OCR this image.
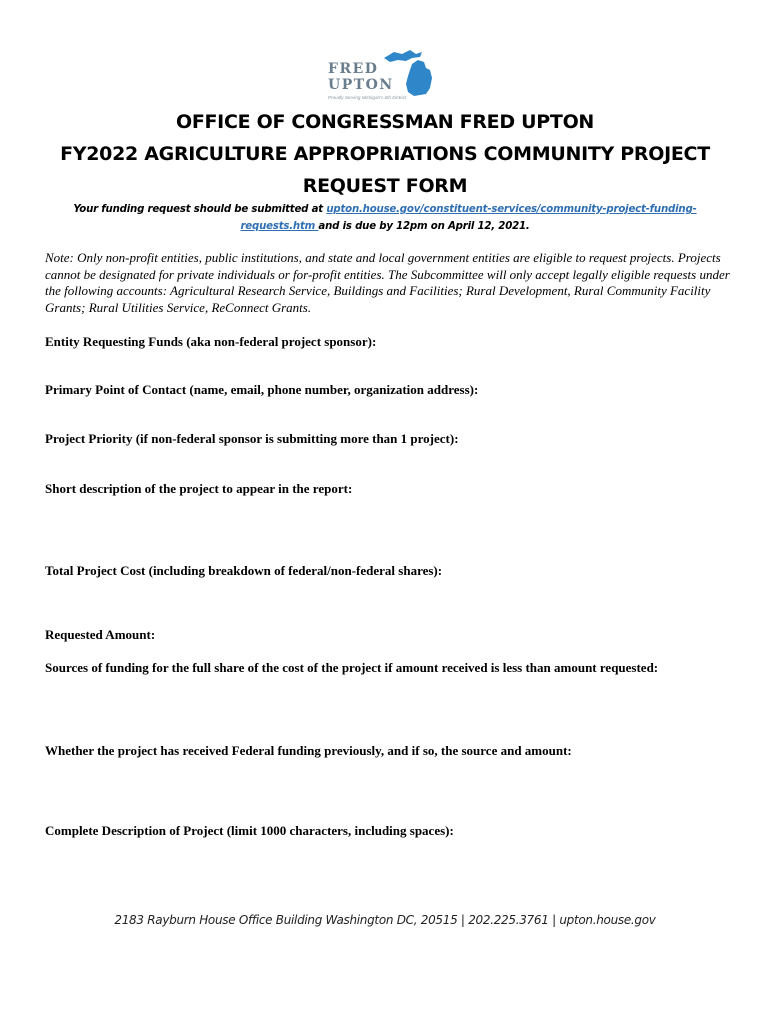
FRED
UPTON
Proudly Serving Michigan's 6th District
OFFICE OF CONGRESSMAN FRED UPTON
FY2022 AGRICULTURE APPROPRIATIONS COMMUNITY PROJECT
REQUEST FORM
Your funding request should be submitted at upton.house.gov/constituent-services/community-project-funding-
requests.htm and is due by 12pm on April 12, 2021.
Note: Only non-profit entities, public institutions, and state and local government entities are eligible to request projects. Projects cannot be designated for private individuals or for-profit entities. The Subcommittee will only accept legally eligible requests under the following accounts: Agricultural Research Service, Buildings and Facilities; Rural Development, Rural Community Facility Grants; Rural Utilities Service, ReConnect Grants.
Entity Requesting Funds (aka non-federal project sponsor):
Primary Point of Contact (name, email, phone number, organization address):
Project Priority (if non-federal sponsor is submitting more than 1 project):
Short description of the project to appear in the report:
Total Project Cost (including breakdown of federal/non-federal shares):
Requested Amount:
Sources of funding for the full share of the cost of the project if amount received is less than amount requested:
Whether the project has received Federal funding previously, and if so, the source and amount:
Complete Description of Project (limit 1000 characters, including spaces):
2183 Rayburn House Office Building Washington DC, 20515 | 202.225.3761 | upton.house.gov
